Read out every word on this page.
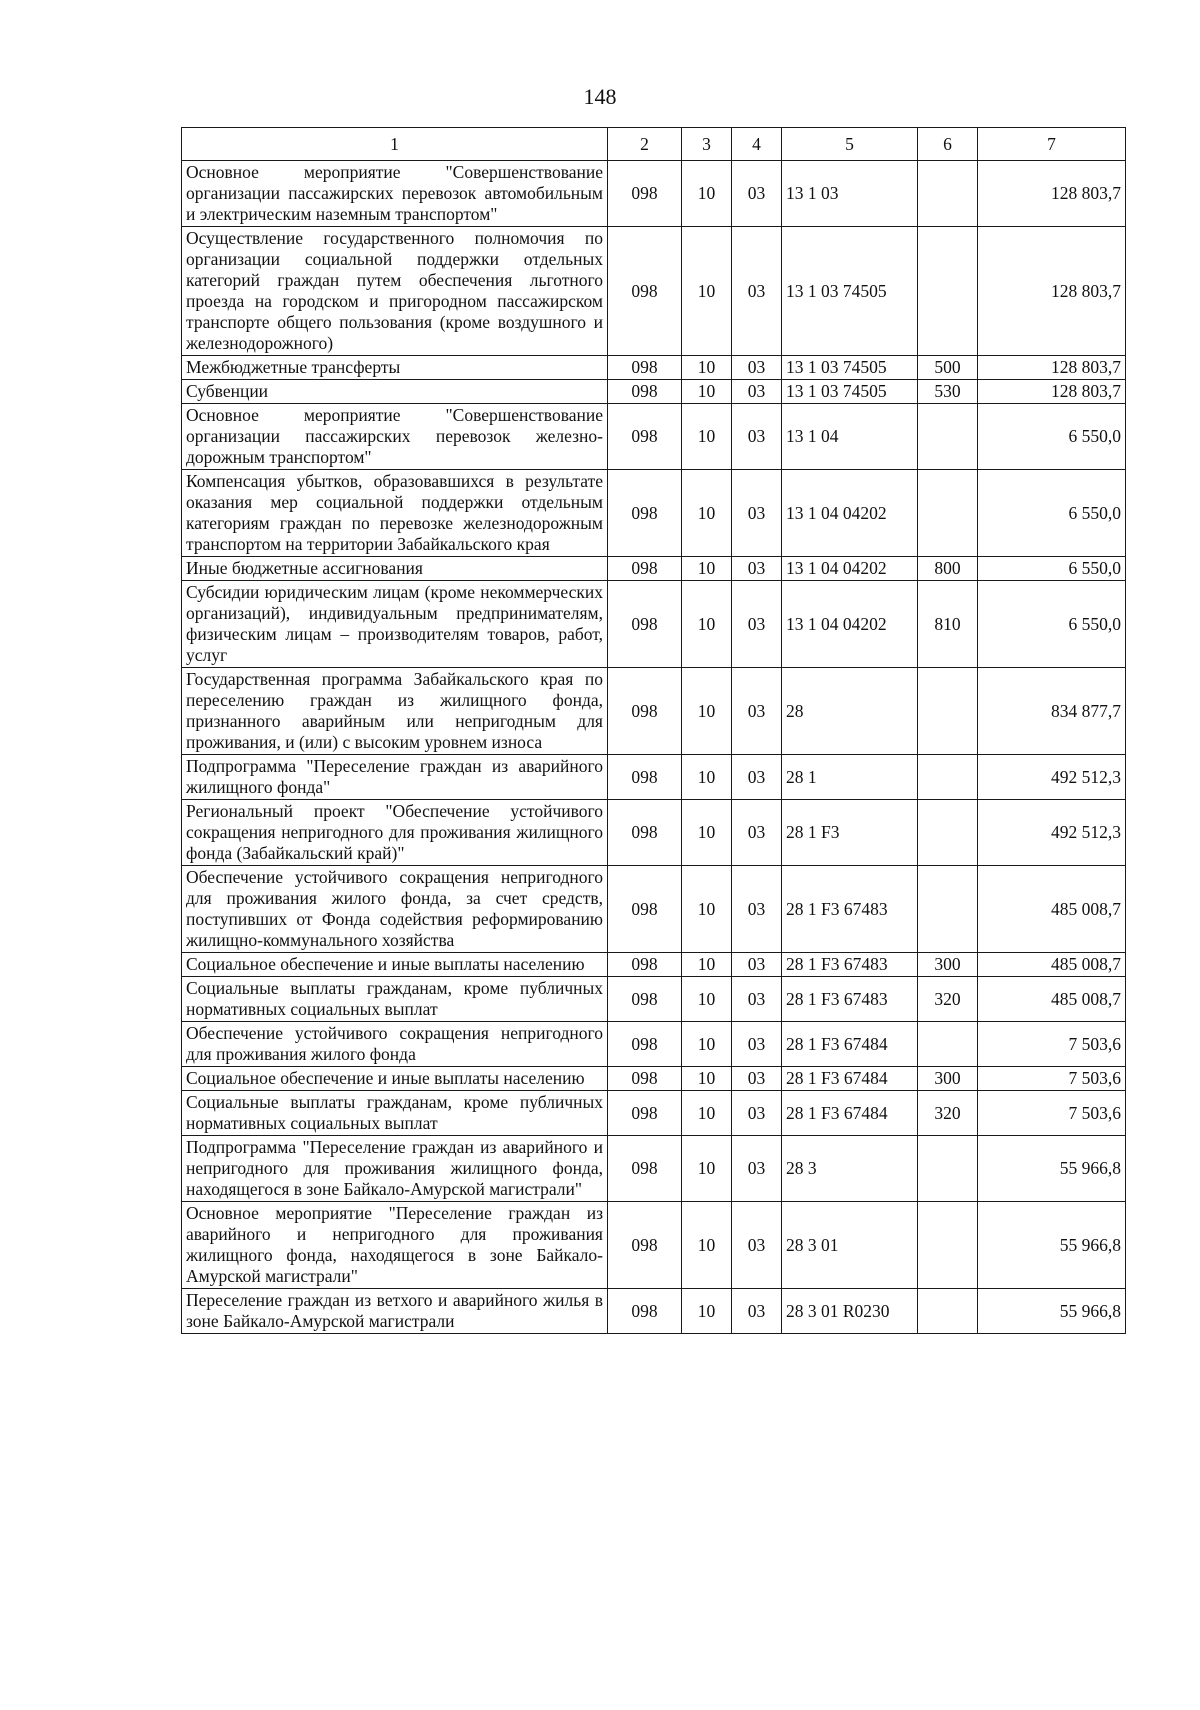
148
1	2	3	4	5	6	7
Основное мероприятие "Совершенствование организации пассажирских перевозок автомобильным и электрическим наземным транспортом"	098	10	03	13 1 03		128 803,7
Осуществление государственного полномочия по организации социальной поддержки отдельных категорий граждан путем обеспечения льготного проезда на городском и пригородном пассажирском транспорте общего пользования (кроме воздушного и железнодорожного)	098	10	03	13 1 03 74505		128 803,7
Межбюджетные трансферты	098	10	03	13 1 03 74505	500	128 803,7
Субвенции	098	10	03	13 1 03 74505	530	128 803,7
Основное мероприятие "Совершенствование организации пассажирских перевозок железнодорожным транспортом"	098	10	03	13 1 04		6 550,0
Компенсация убытков, образовавшихся в результате оказания мер социальной поддержки отдельным категориям граждан по перевозке железнодорожным транспортом на территории Забайкальского края	098	10	03	13 1 04 04202		6 550,0
Иные бюджетные ассигнования	098	10	03	13 1 04 04202	800	6 550,0
Субсидии юридическим лицам (кроме некоммерческих организаций), индивидуальным предпринимателям, физическим лицам – производителям товаров, работ, услуг	098	10	03	13 1 04 04202	810	6 550,0
Государственная программа Забайкальского края по переселению граждан из жилищного фонда, признанного аварийным или непригодным для проживания, и (или) с высоким уровнем износа	098	10	03	28		834 877,7
Подпрограмма "Переселение граждан из аварийного жилищного фонда"	098	10	03	28 1		492 512,3
Региональный проект "Обеспечение устойчивого сокращения непригодного для проживания жилищного фонда (Забайкальский край)"	098	10	03	28 1 F3		492 512,3
Обеспечение устойчивого сокращения непригодного для проживания жилого фонда, за счет средств, поступивших от Фонда содействия реформированию жилищно-коммунального хозяйства	098	10	03	28 1 F3 67483		485 008,7
Социальное обеспечение и иные выплаты населению	098	10	03	28 1 F3 67483	300	485 008,7
Социальные выплаты гражданам, кроме публичных нормативных социальных выплат	098	10	03	28 1 F3 67483	320	485 008,7
Обеспечение устойчивого сокращения непригодного для проживания жилого фонда	098	10	03	28 1 F3 67484		7 503,6
Социальное обеспечение и иные выплаты населению	098	10	03	28 1 F3 67484	300	7 503,6
Социальные выплаты гражданам, кроме публичных нормативных социальных выплат	098	10	03	28 1 F3 67484	320	7 503,6
Подпрограмма "Переселение граждан из аварийного и непригодного для проживания жилищного фонда, находящегося в зоне Байкало-Амурской магистрали"	098	10	03	28 3		55 966,8
Основное мероприятие "Переселение граждан из аварийного и непригодного для проживания жилищного фонда, находящегося в зоне Байкало-Амурской магистрали"	098	10	03	28 3 01		55 966,8
Переселение граждан из ветхого и аварийного жилья в зоне Байкало-Амурской магистрали	098	10	03	28 3 01 R0230		55 966,8
